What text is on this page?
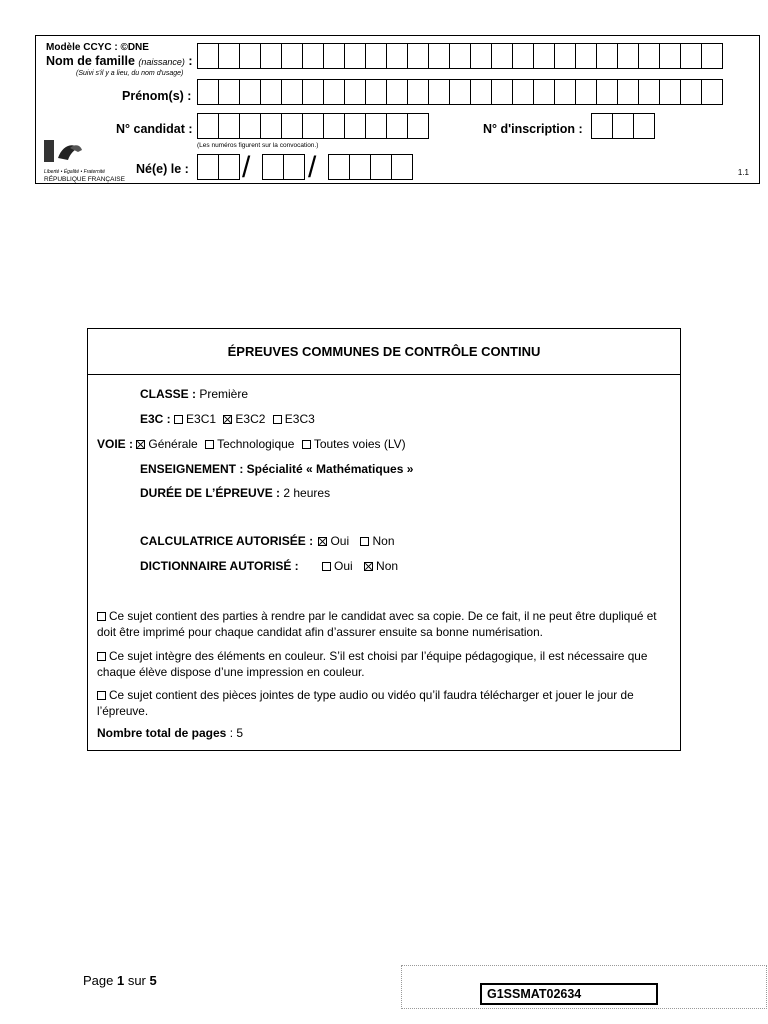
Modèle CCYC : ©DNE
Nom de famille (naissance) :
(Suivi s'il y a lieu, du nom d'usage)
Prénom(s) :
N° candidat :
(Les numéros figurent sur la convocation.)
N° d'inscription :
Né(e) le : / /
Liberté • Égalité • Fraternité
RÉPUBLIQUE FRANÇAISE
1.1
ÉPREUVES COMMUNES DE CONTRÔLE CONTINU
CLASSE : Première
E3C : E3C1 E3C2 E3C3
VOIE : Générale Technologique Toutes voies (LV)
ENSEIGNEMENT : Spécialité « Mathématiques »
DURÉE DE L’ÉPREUVE : 2 heures
CALCULATRICE AUTORISÉE : Oui Non
DICTIONNAIRE AUTORISÉ :	Oui Non
Ce sujet contient des parties à rendre par le candidat avec sa copie. De ce fait, il ne peut être dupliqué et doit être imprimé pour chaque candidat afin d’assurer ensuite sa bonne numérisation.
Ce sujet intègre des éléments en couleur. S’il est choisi par l’équipe pédagogique, il est nécessaire que chaque élève dispose d’une impression en couleur.
Ce sujet contient des pièces jointes de type audio ou vidéo qu’il faudra télécharger et jouer le jour de l’épreuve.
Nombre total de pages : 5
Page 1 sur 5
G1SSMAT02634
